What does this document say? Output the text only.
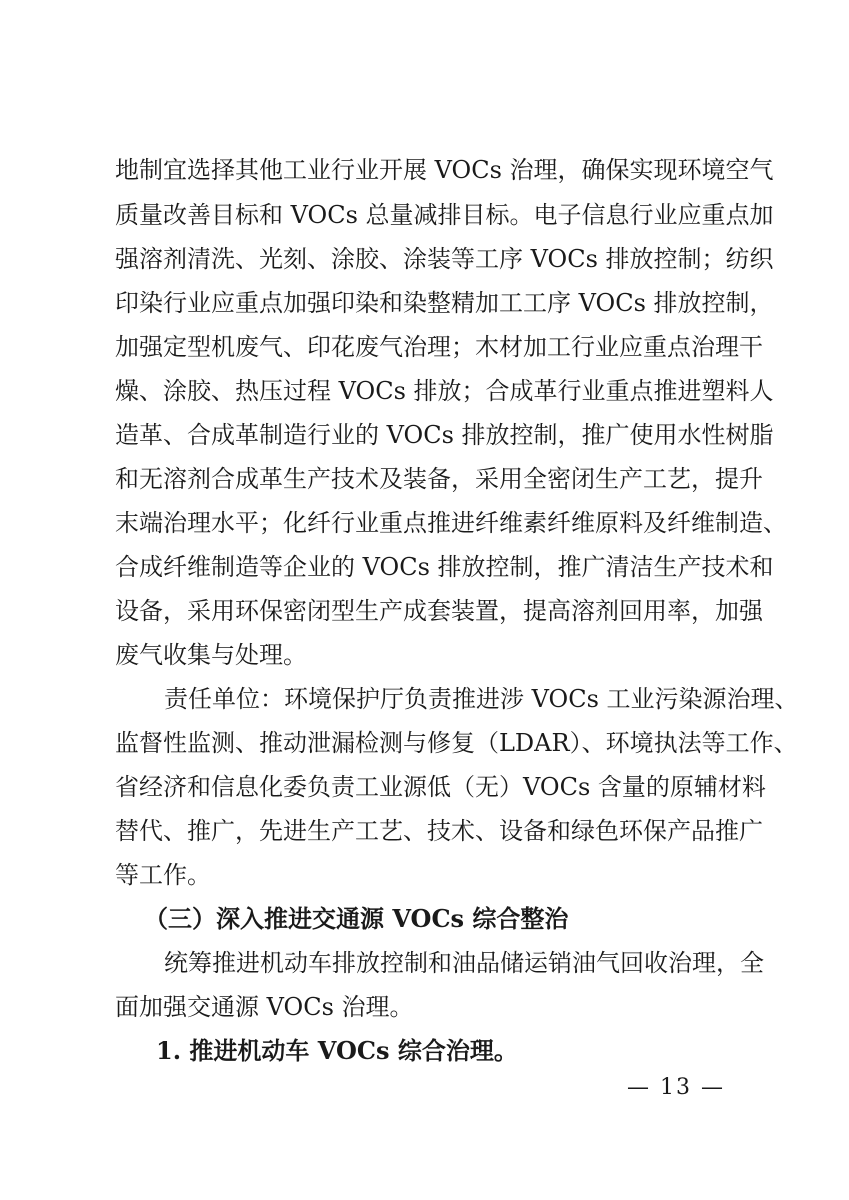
地制宜选择其他工业行业开展 VOCs 治理，确保实现环境空气
质量改善目标和 VOCs 总量减排目标。电子信息行业应重点加
强溶剂清洗、光刻、涂胶、涂装等工序 VOCs 排放控制；纺织
印染行业应重点加强印染和染整精加工工序 VOCs 排放控制，
加强定型机废气、印花废气治理；木材加工行业应重点治理干
燥、涂胶、热压过程 VOCs 排放；合成革行业重点推进塑料人
造革、合成革制造行业的 VOCs 排放控制，推广使用水性树脂
和无溶剂合成革生产技术及装备，采用全密闭生产工艺，提升
末端治理水平；化纤行业重点推进纤维素纤维原料及纤维制造、
合成纤维制造等企业的 VOCs 排放控制，推广清洁生产技术和
设备，采用环保密闭型生产成套装置，提高溶剂回用率，加强
废气收集与处理。
责任单位：环境保护厅负责推进涉 VOCs 工业污染源治理、
监督性监测、推动泄漏检测与修复（LDAR）、环境执法等工作、
省经济和信息化委负责工业源低（无）VOCs 含量的原辅材料
替代、推广，先进生产工艺、技术、设备和绿色环保产品推广
等工作。
（三）深入推进交通源 VOCs 综合整治
统筹推进机动车排放控制和油品储运销油气回收治理，全
面加强交通源 VOCs 治理。
1. 推进机动车 VOCs 综合治理。
— 13 —
